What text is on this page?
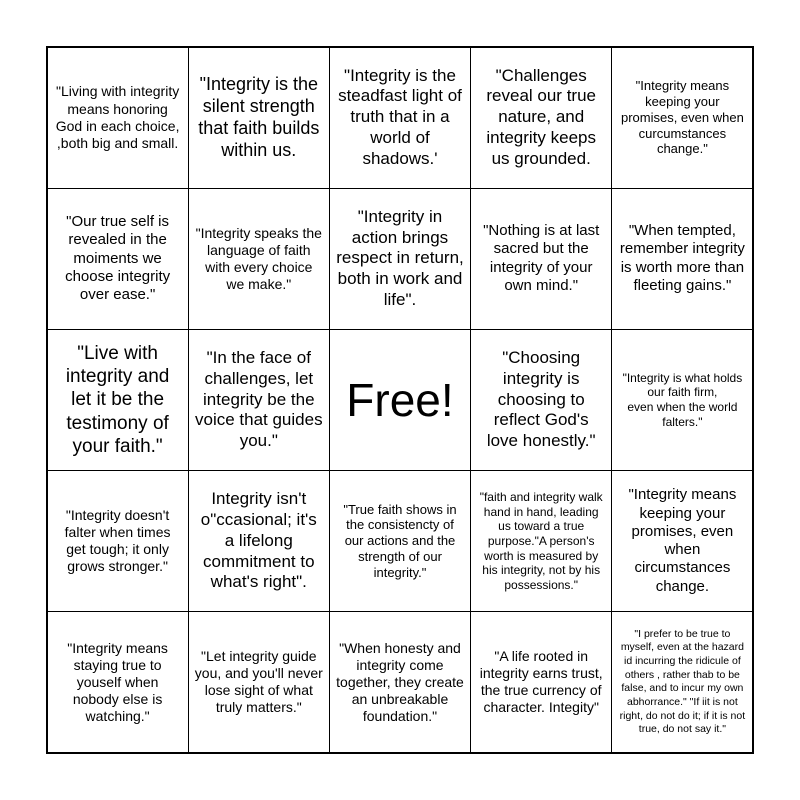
"Living with integrity means honoring God in each choice, ,both big and small.
"Integrity is the silent strength that faith builds within us.
"Integrity is the steadfast light of truth that in a world of shadows.'
"Challenges reveal our true nature, and integrity keeps us grounded.
"Integrity means keeping your promises, even when curcumstances change."
"Our true self is revealed in the moiments we choose integrity over ease."
"Integrity speaks the language of faith with every choice we make."
"Integrity in action brings respect in return, both in work and life".
"Nothing is at last sacred but the integrity of your own mind."
"When tempted, remember integrity is worth more than fleeting gains."
"Live with integrity and let it be the testimony of your faith."
"In the face of challenges, let integrity be the voice that guides you."
Free!
"Choosing integrity is choosing to reflect God's love honestly."
"Integrity is what holds our faith firm,
even when the world falters."
"Integrity doesn't falter when times get tough; it only grows stronger."
Integrity isn't o"ccasional; it's a lifelong commitment to what's right".
"True faith shows in the consistencty of our actions and the strength of our integrity."
"faith and integrity walk hand in hand, leading us toward a true purpose."A person's worth is measured by his integrity, not by his possessions."
"Integrity means keeping your promises, even when circumstances change.
"Integrity means staying true to youself when nobody else is watching."
"Let integrity guide you, and you'll never lose sight of what truly matters."
"When honesty and integrity come together, they create an unbreakable foundation."
"A life rooted in integrity earns trust, the true currency of character. Integity"
"I prefer to be true to myself, even at the hazard id incurring the ridicule of others , rather thab to be false, and to incur my own abhorrance." "If iit is not right, do not do it; if it is not true, do not say it."
